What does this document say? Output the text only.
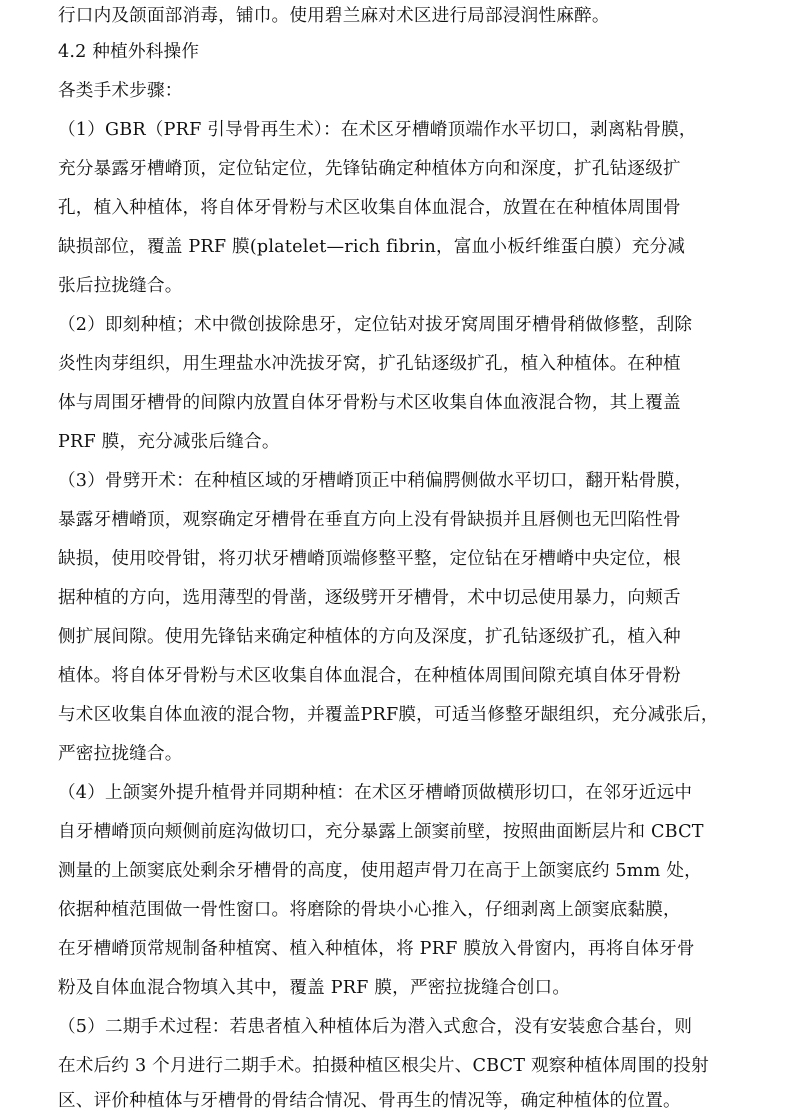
行口内及颌面部消毒，铺巾。使用碧兰麻对术区进行局部浸润性麻醉。
4.2 种植外科操作
各类手术步骤：
（1）GBR（PRF 引导骨再生术）：在术区牙槽嵴顶端作水平切口，剥离粘骨膜，
充分暴露牙槽嵴顶，定位钻定位，先锋钻确定种植体方向和深度，扩孔钻逐级扩
孔，植入种植体，将自体牙骨粉与术区收集自体血混合，放置在在种植体周围骨
缺损部位，覆盖 PRF 膜(platelet—rich fibrin，富血小板纤维蛋白膜）充分减
张后拉拢缝合。
（2）即刻种植；术中微创拔除患牙，定位钻对拔牙窝周围牙槽骨稍做修整，刮除
炎性肉芽组织，用生理盐水冲洗拔牙窝，扩孔钻逐级扩孔，植入种植体。在种植
体与周围牙槽骨的间隙内放置自体牙骨粉与术区收集自体血液混合物，其上覆盖
PRF 膜，充分减张后缝合。
（3）骨劈开术：在种植区域的牙槽嵴顶正中稍偏腭侧做水平切口，翻开粘骨膜，
暴露牙槽嵴顶，观察确定牙槽骨在垂直方向上没有骨缺损并且唇侧也无凹陷性骨
缺损，使用咬骨钳，将刃状牙槽嵴顶端修整平整，定位钻在牙槽嵴中央定位，根
据种植的方向，选用薄型的骨凿，逐级劈开牙槽骨，术中切忌使用暴力，向颊舌
侧扩展间隙。使用先锋钻来确定种植体的方向及深度，扩孔钻逐级扩孔，植入种
植体。将自体牙骨粉与术区收集自体血混合，在种植体周围间隙充填自体牙骨粉
与术区收集自体血液的混合物，并覆盖PRF膜，可适当修整牙龈组织，充分减张后，
严密拉拢缝合。
（4）上颌窦外提升植骨并同期种植：在术区牙槽嵴顶做横形切口，在邻牙近远中
自牙槽嵴顶向颊侧前庭沟做切口，充分暴露上颌窦前壁，按照曲面断层片和 CBCT
测量的上颌窦底处剩余牙槽骨的高度，使用超声骨刀在高于上颌窦底约 5mm 处，
依据种植范围做一骨性窗口。将磨除的骨块小心推入，仔细剥离上颌窦底黏膜，
在牙槽嵴顶常规制备种植窝、植入种植体，将 PRF 膜放入骨窗内，再将自体牙骨
粉及自体血混合物填入其中，覆盖 PRF 膜，严密拉拢缝合创口。
（5）二期手术过程：若患者植入种植体后为潜入式愈合，没有安装愈合基台，则
在术后约 3 个月进行二期手术。拍摄种植区根尖片、CBCT 观察种植体周围的投射
区、评价种植体与牙槽骨的骨结合情况、骨再生的情况等，确定种植体的位置。
